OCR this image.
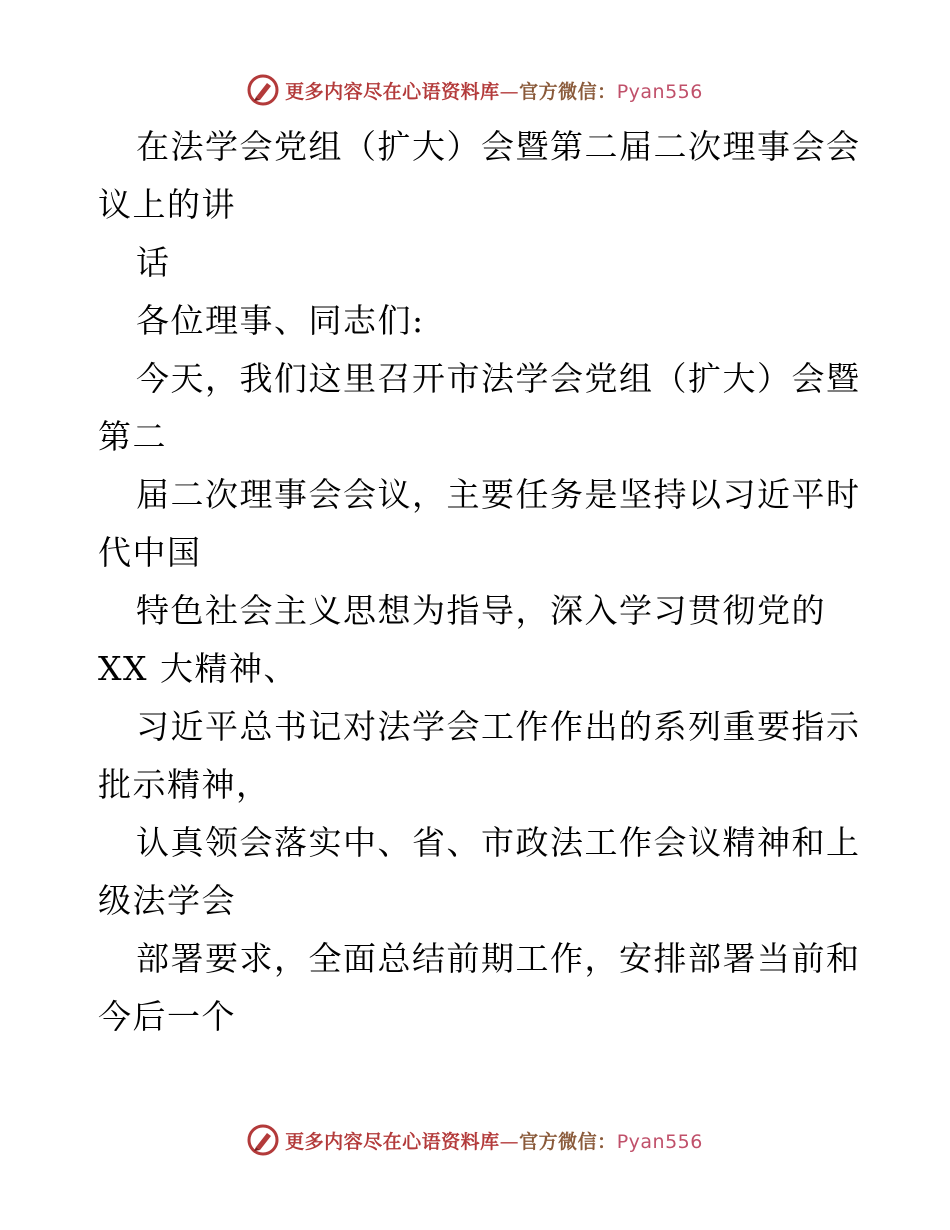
更多内容尽在心语资料库—官方微信：Pyan556
在法学会党组（扩大）会暨第二届二次理事会会
议上的讲
话
各位理事、同志们:
今天，我们这里召开市法学会党组（扩大）会暨
第二
届二次理事会会议，主要任务是坚持以习近平时
代中国
特色社会主义思想为指导，深入学习贯彻党的
XX 大精神、
习近平总书记对法学会工作作出的系列重要指示
批示精神，
认真领会落实中、省、市政法工作会议精神和上
级法学会
部署要求，全面总结前期工作，安排部署当前和
今后一个
更多内容尽在心语资料库—官方微信：Pyan556
